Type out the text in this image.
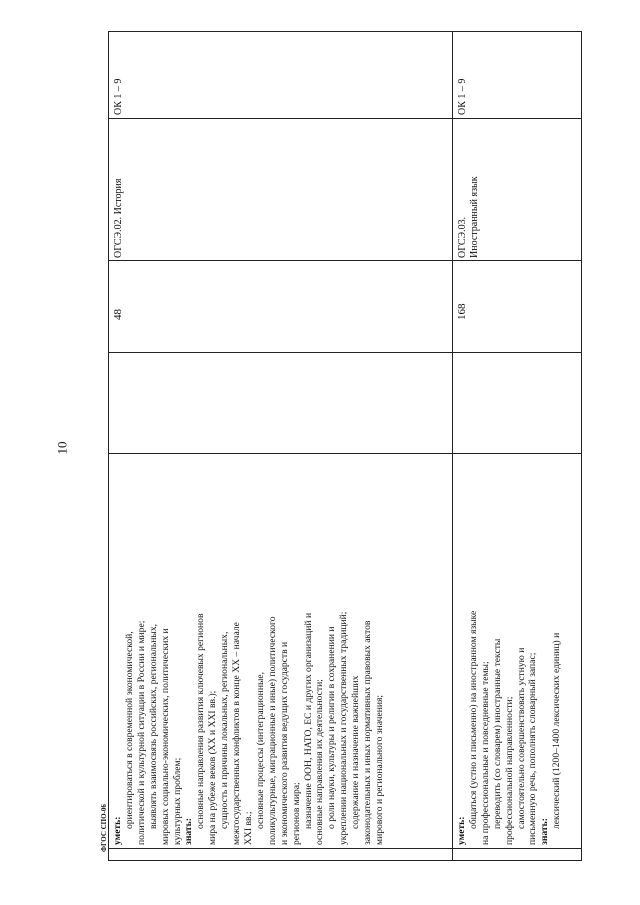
10
ФГОС СПО-06 уметь:
ориентироваться в современной экономической, политической и культурной ситуации в России и мире; выявлять взаимосвязь российских, региональных, мировых социально-экономических, политических и культурных проблем; знать:
основные направления развития ключевых регионов мира на рубеже веков (XX и XXI вв.); сущность и причины локальных, региональных, межгосударственных конфликтов в конце XX – начале XXI вв.; основные процессы (интеграционные, поликультурные, миграционные и иные) политического и экономического развития ведущих государств и регионов мира; назначение ООН, НАТО, ЕС и других организаций и основные направления их деятельности; о роли науки, культуры и религии в сохранении и укреплении национальных и государственных традиций; содержание и назначение важнейших законодательных и иных нормативных правовых актов мирового и регионального значения;
48
ОГСЭ.02. История
ОК 1 – 9
уметь:
общаться (устно и письменно) на иностранном языке на профессиональные и повседневные темы; переводить (со словарем) иностранные тексты профессиональной направленности; самостоятельно совершенствовать устную и письменную речь, пополнять словарный запас; знать:
лексический (1200–1400 лексических единиц) и
168
ОГСЭ.03. Иностранный язык
ОК 1 – 9
